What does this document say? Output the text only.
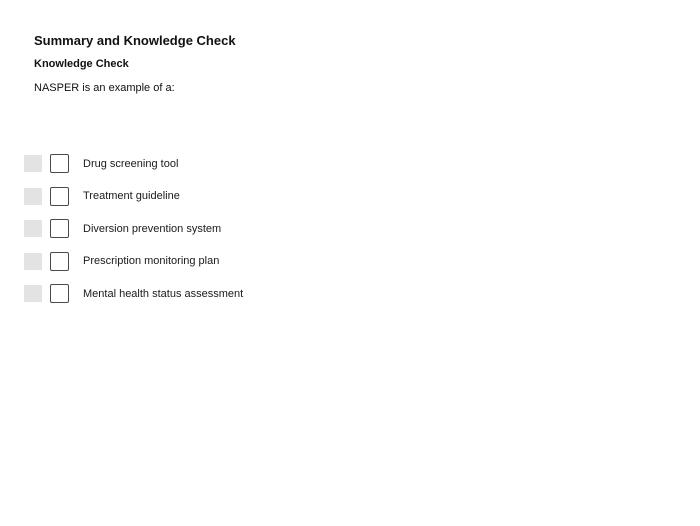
Summary and Knowledge Check
Knowledge Check
NASPER is an example of a:
Drug screening tool
Treatment guideline
Diversion prevention system
Prescription monitoring plan
Mental health status assessment
